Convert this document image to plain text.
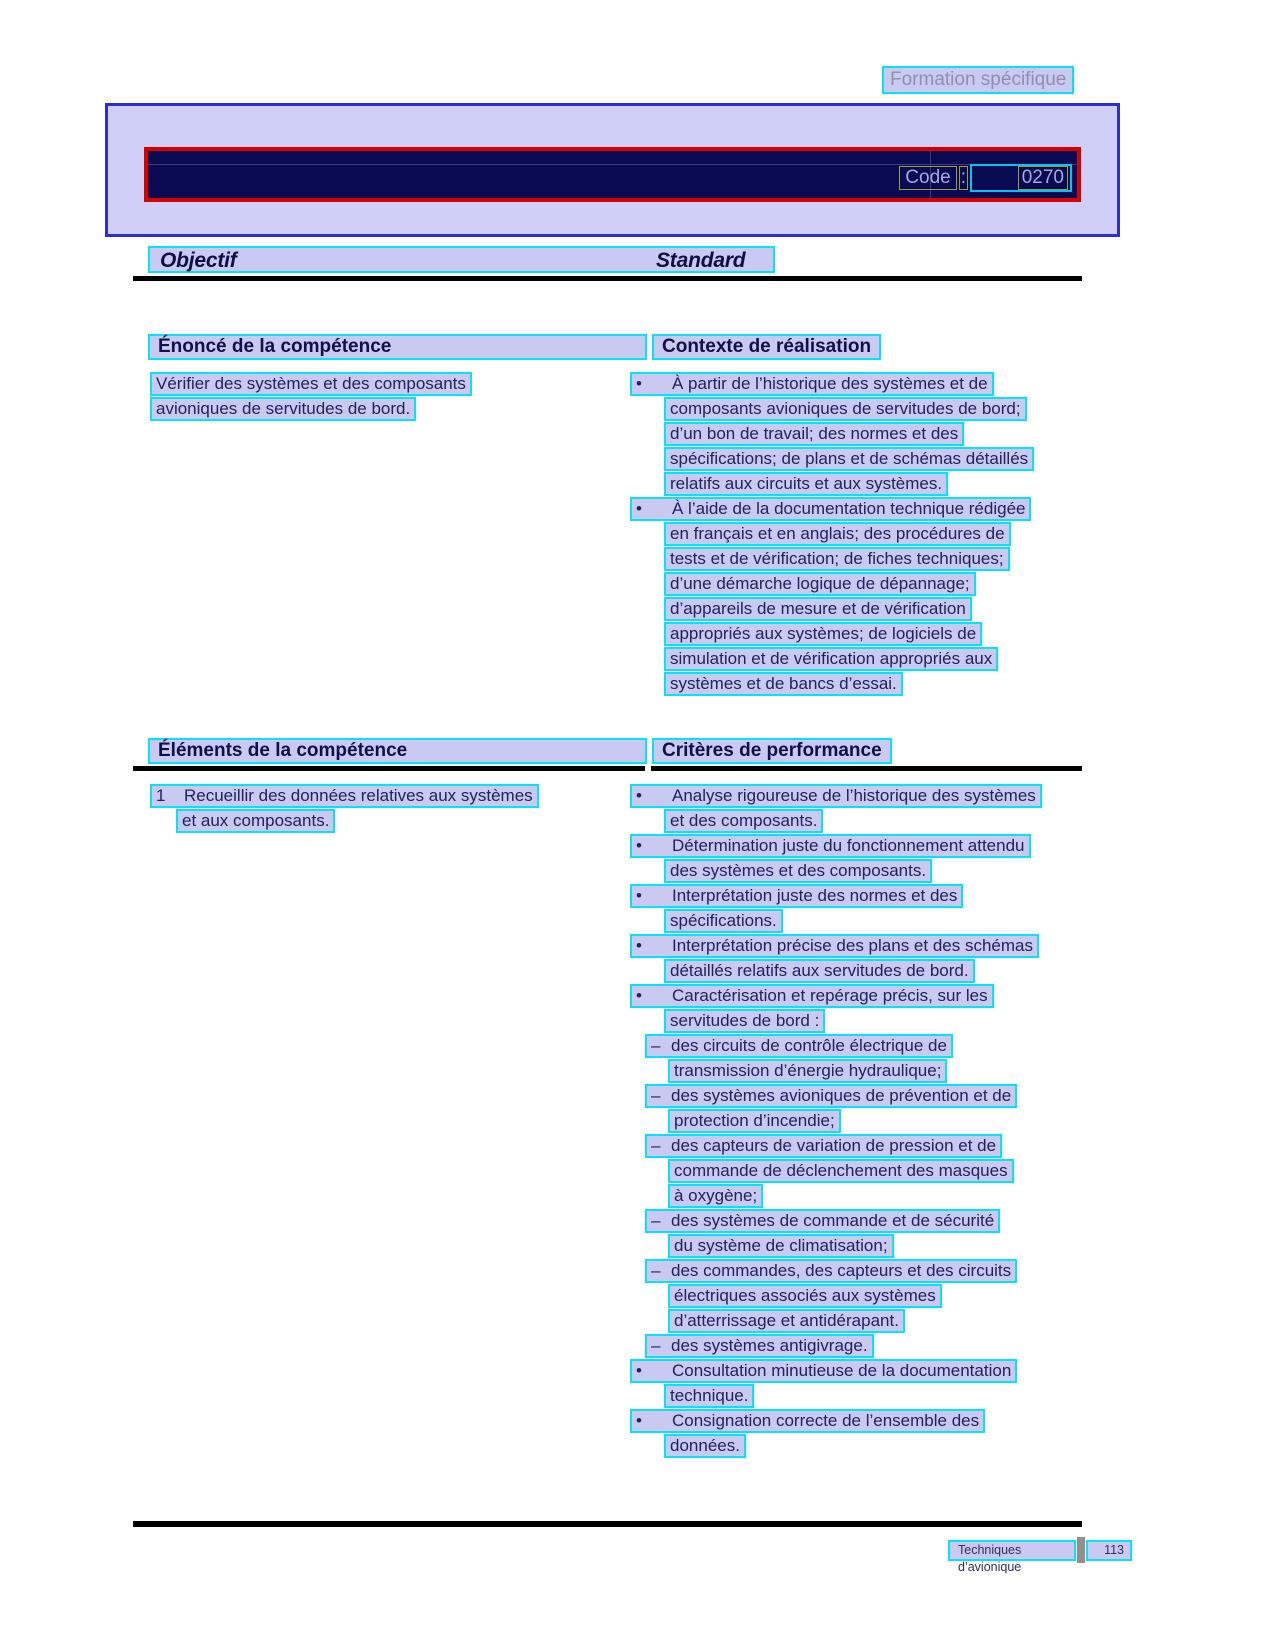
Formation spécifique
Code :	0270
Objectif	Standard
Énoncé de la compétence	Contexte de réalisation
Vérifier des systèmes et des composants
avioniques de servitudes de bord.
• À partir de l’historique des systèmes et de
composants avioniques de servitudes de bord;
d’un bon de travail; des normes et des
spécifications; de plans et de schémas détaillés
relatifs aux circuits et aux systèmes.
• À l’aide de la documentation technique rédigée
en français et en anglais; des procédures de
tests et de vérification; de fiches techniques;
d’une démarche logique de dépannage;
d’appareils de mesure et de vérification
appropriés aux systèmes; de logiciels de
simulation et de vérification appropriés aux
systèmes et de bancs d’essai.
Éléments de la compétence	Critères de performance
1 Recueillir des données relatives aux systèmes
et aux composants.
• Analyse rigoureuse de l’historique des systèmes
et des composants.
• Détermination juste du fonctionnement attendu
des systèmes et des composants.
• Interprétation juste des normes et des
spécifications.
• Interprétation précise des plans et des schémas
détaillés relatifs aux servitudes de bord.
• Caractérisation et repérage précis, sur les
servitudes de bord :
– des circuits de contrôle électrique de
transmission d’énergie hydraulique;
– des systèmes avioniques de prévention et de
protection d’incendie;
– des capteurs de variation de pression et de
commande de déclenchement des masques
à oxygène;
– des systèmes de commande et de sécurité
du système de climatisation;
– des commandes, des capteurs et des circuits
électriques associés aux systèmes
d’atterrissage et antidérapant.
– des systèmes antigivrage.
• Consultation minutieuse de la documentation
technique.
• Consignation correcte de l’ensemble des
données.
Techniques d’avionique
113
